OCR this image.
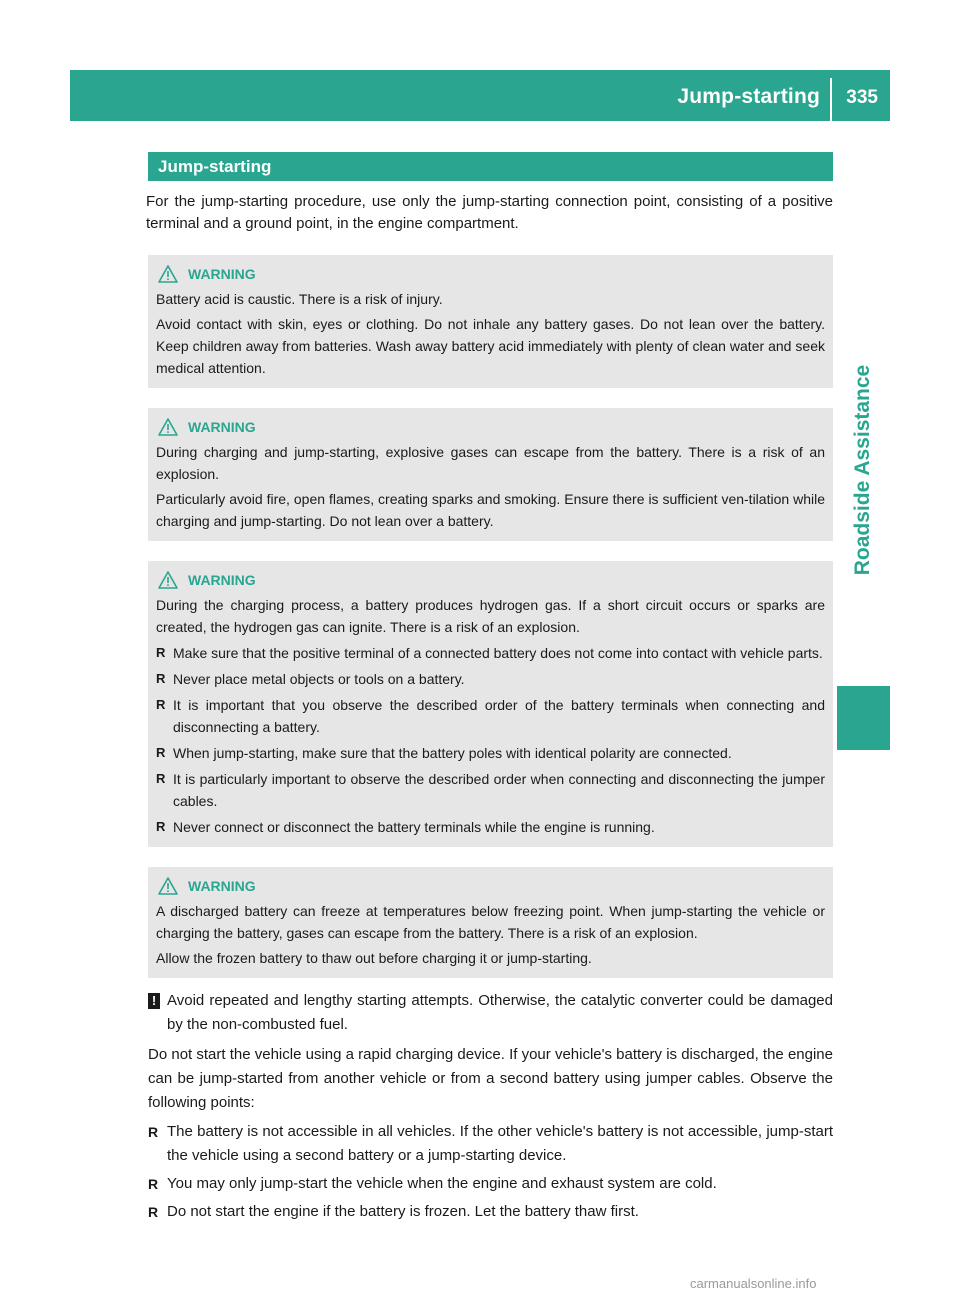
Jump-starting 335
Roadside Assistance
Jump-starting
For the jump-starting procedure, use only the jump-starting connection point, consisting of a positive terminal and a ground point, in the engine compartment.
WARNING

Battery acid is caustic. There is a risk of injury.

Avoid contact with skin, eyes or clothing. Do not inhale any battery gases. Do not lean over the battery. Keep children away from batteries. Wash away battery acid immediately with plenty of clean water and seek medical attention.

WARNING

During charging and jump-starting, explosive gases can escape from the battery. There is a risk of an explosion.

Particularly avoid fire, open flames, creating sparks and smoking. Ensure there is sufficient ven-tilation while charging and jump-starting. Do not lean over a battery.

WARNING

During the charging process, a battery produces hydrogen gas. If a short circuit occurs or sparks are created, the hydrogen gas can ignite. There is a risk of an explosion.

R Make sure that the positive terminal of a connected battery does not come into contact with vehicle parts.
R Never place metal objects or tools on a battery.
R It is important that you observe the described order of the battery terminals when connecting and disconnecting a battery.
R When jump-starting, make sure that the battery poles with identical polarity are connected.
R It is particularly important to observe the described order when connecting and disconnecting the jumper cables.
R Never connect or disconnect the battery terminals while the engine is running.
WARNING

A discharged battery can freeze at temperatures below freezing point. When jump-starting the vehicle or charging the battery, gases can escape from the battery. There is a risk of an explosion.

Allow the frozen battery to thaw out before charging it or jump-starting.

! Avoid repeated and lengthy starting attempts. Otherwise, the catalytic converter could be damaged by the non-combusted fuel.
Do not start the vehicle using a rapid charging device. If your vehicle's battery is discharged, the engine can be jump-started from another vehicle or from a second battery using jumper cables. Observe the following points:
R The battery is not accessible in all vehicles. If the other vehicle's battery is not accessible, jump-start the vehicle using a second battery or a jump-starting device.
R You may only jump-start the vehicle when the engine and exhaust system are cold.
R Do not start the engine if the battery is frozen. Let the battery thaw first.
carmanualsonline.info
